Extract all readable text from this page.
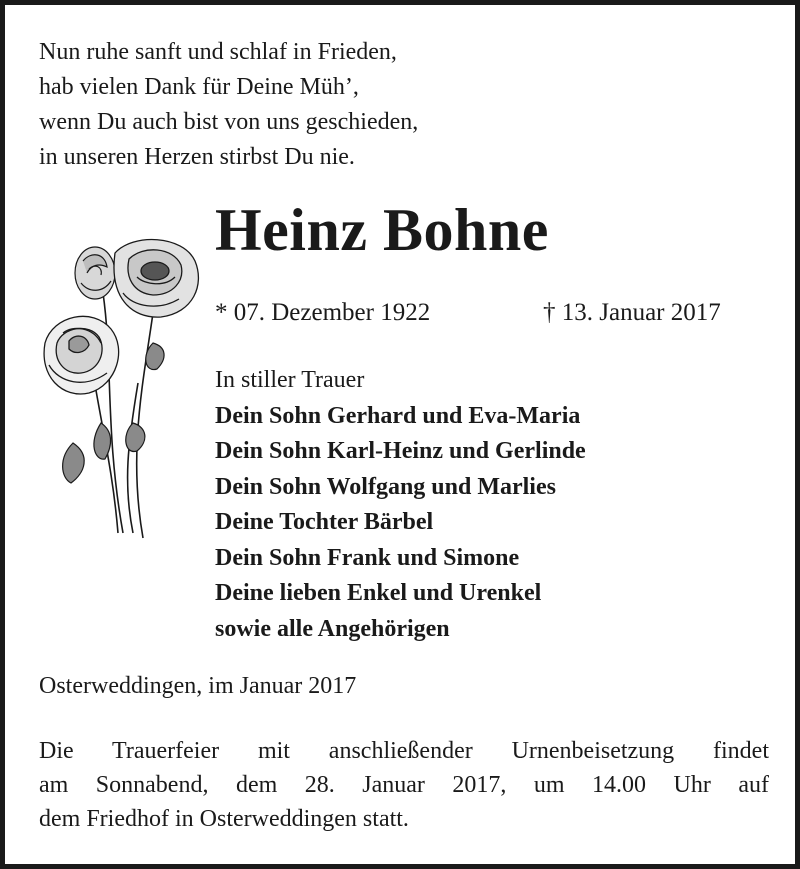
Nun ruhe sanft und schlaf in Frieden,
hab vielen Dank für Deine Müh’,
wenn Du auch bist von uns geschieden,
in unseren Herzen stirbst Du nie.
Heinz Bohne
* 07. Dezember 1922	† 13. Januar 2017
In stiller Trauer
Dein Sohn Gerhard und Eva-Maria
Dein Sohn Karl-Heinz und Gerlinde
Dein Sohn Wolfgang und Marlies
Deine Tochter Bärbel
Dein Sohn Frank und Simone
Deine lieben Enkel und Urenkel
sowie alle Angehörigen
Osterweddingen, im Januar 2017
Die Trauerfeier mit anschließender Urnenbeisetzung findet
am Sonnabend, dem 28. Januar 2017, um 14.00 Uhr auf
dem Friedhof in Osterweddingen statt.
